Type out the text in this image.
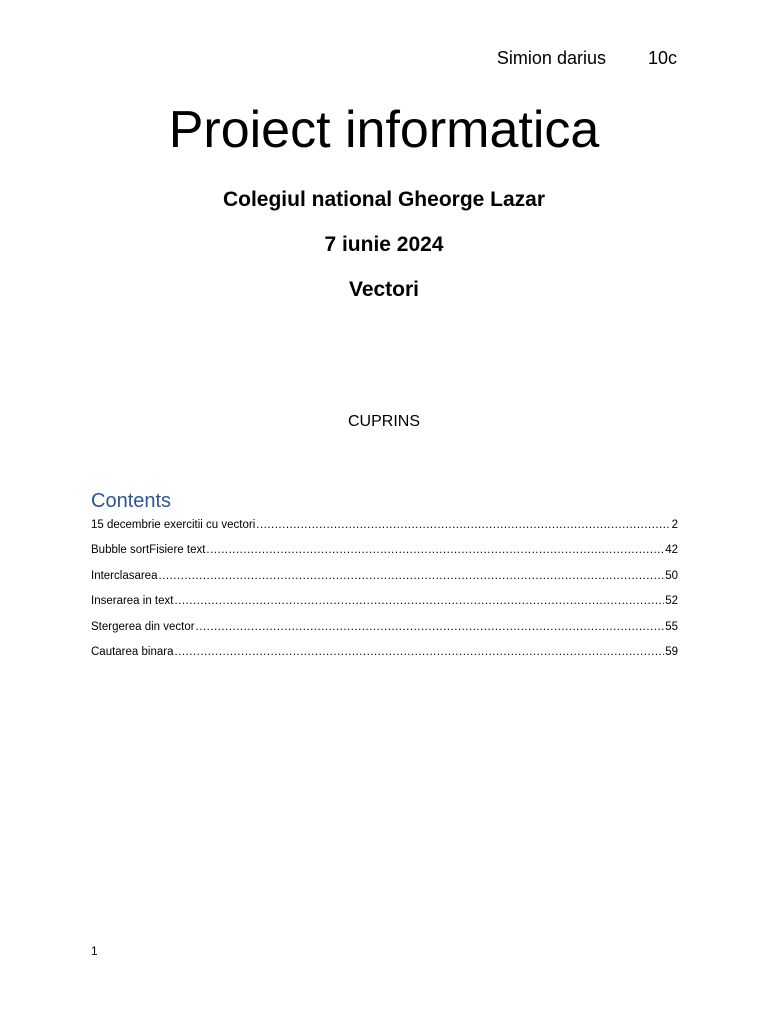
Simion darius 10c
Proiect informatica
Colegiul national Gheorge Lazar
7 iunie 2024
Vectori
CUPRINS
Contents
15 decembrie exercitii cu vectori .....	2
Bubble sortFisiere text .....	42
Interclasarea .....	50
Inserarea in text .....	52
Stergerea din vector .....	55
Cautarea binara .....	59
1
